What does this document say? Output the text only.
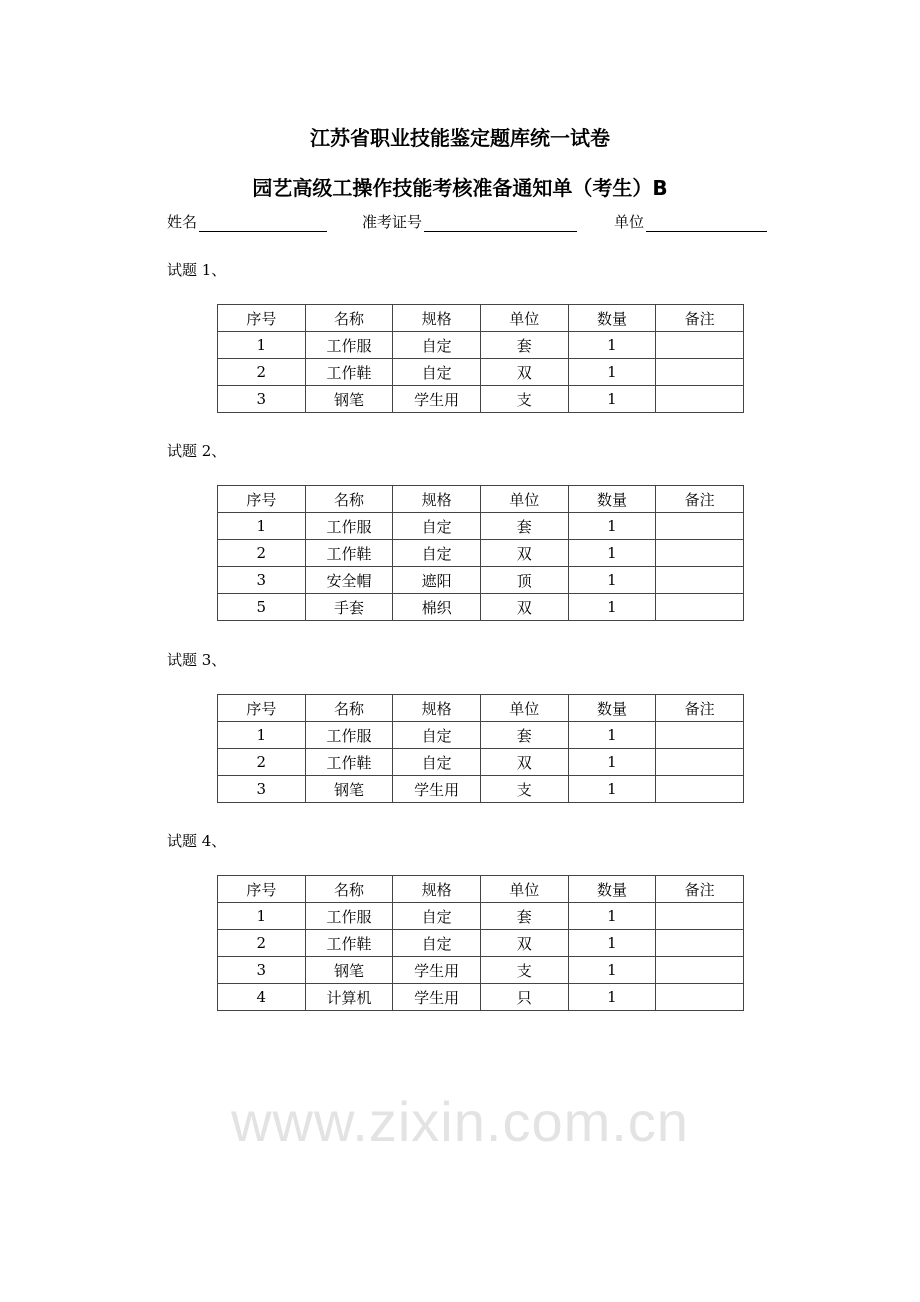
www.zixin.com.cn
江苏省职业技能鉴定题库统一试卷
园艺高级工操作技能考核准备通知单（考生）B
姓名	准考证号	单位
试题 1、
序号	名称	规格	单位	数量	备注
1	工作服	自定	套	1	
2	工作鞋	自定	双	1	
3	钢笔	学生用	支	1	
试题 2、
序号	名称	规格	单位	数量	备注
1	工作服	自定	套	1	
2	工作鞋	自定	双	1	
3	安全帽	遮阳	顶	1	
5	手套	棉织	双	1	
试题 3、
序号	名称	规格	单位	数量	备注
1	工作服	自定	套	1	
2	工作鞋	自定	双	1	
3	钢笔	学生用	支	1	
试题 4、
序号	名称	规格	单位	数量	备注
1	工作服	自定	套	1	
2	工作鞋	自定	双	1	
3	钢笔	学生用	支	1	
4	计算机	学生用	只	1	
